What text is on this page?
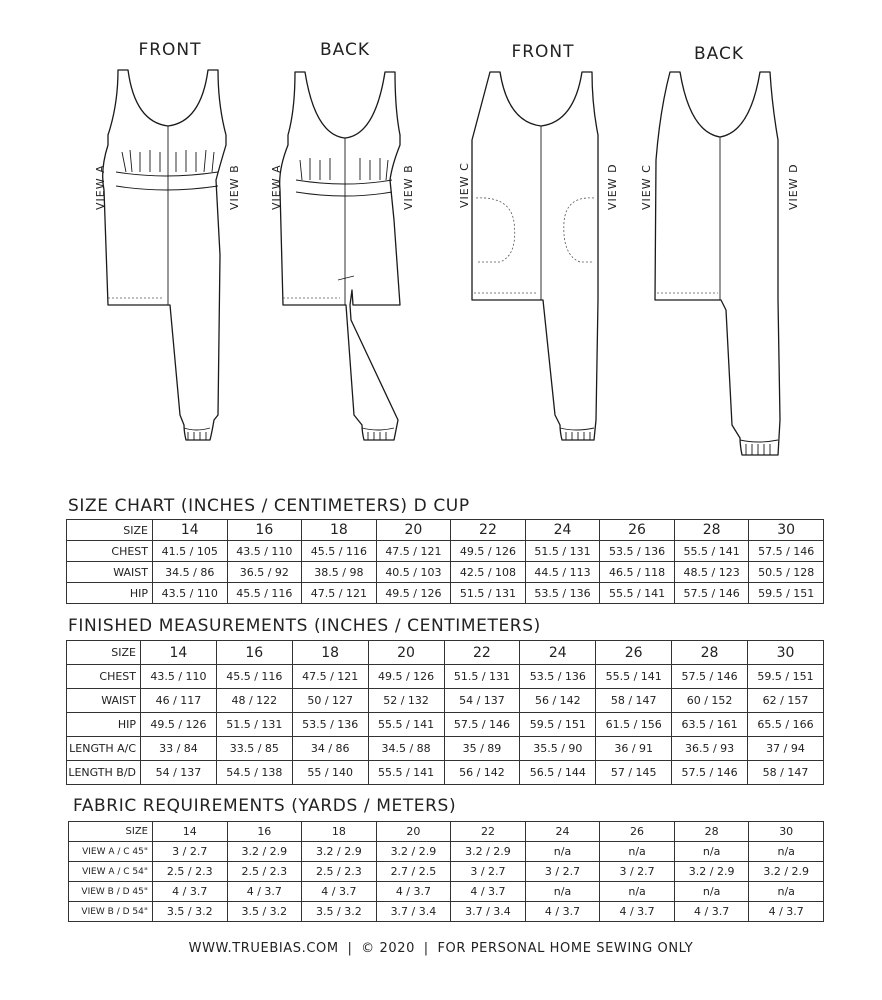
FRONT	BACK	FRONT	BACK
VIEW A	VIEW B	VIEW A	VIEW B	VIEW C	VIEW D VIEW C	VIEW D
SIZE CHART (INCHES / CENTIMETERS) D CUP
SIZE	14	16	18	20	22	24	26	28	30
CHEST	41.5 / 105	43.5 / 110	45.5 / 116	47.5 / 121	49.5 / 126	51.5 / 131	53.5 / 136	55.5 / 141	57.5 / 146
WAIST	34.5 / 86	36.5 / 92	38.5 / 98	40.5 / 103	42.5 / 108	44.5 / 113	46.5 / 118	48.5 / 123	50.5 / 128
HIP	43.5 / 110	45.5 / 116	47.5 / 121	49.5 / 126	51.5 / 131	53.5 / 136	55.5 / 141	57.5 / 146	59.5 / 151
FINISHED MEASUREMENTS (INCHES / CENTIMETERS)
SIZE	14	16	18	20	22	24	26	28	30
CHEST	43.5 / 110	45.5 / 116	47.5 / 121	49.5 / 126	51.5 / 131	53.5 / 136	55.5 / 141	57.5 / 146	59.5 / 151
WAIST	46 / 117	48 / 122	50 / 127	52 / 132	54 / 137	56 / 142	58 / 147	60 / 152	62 / 157
HIP	49.5 / 126	51.5 / 131	53.5 / 136	55.5 / 141	57.5 / 146	59.5 / 151	61.5 / 156	63.5 / 161	65.5 / 166
LENGTH A/C	33 / 84	33.5 / 85	34 / 86	34.5 / 88	35 / 89	35.5 / 90	36 / 91	36.5 / 93	37 / 94
LENGTH B/D	54 / 137	54.5 / 138	55 / 140	55.5 / 141	56 / 142	56.5 / 144	57 / 145	57.5 / 146	58 / 147
FABRIC REQUIREMENTS (YARDS / METERS)
SIZE	14	16	18	20	22	24	26	28	30
VIEW A / C 45"	3 / 2.7	3.2 / 2.9	3.2 / 2.9	3.2 / 2.9	3.2 / 2.9	n/a	n/a	n/a	n/a
VIEW A / C 54"	2.5 / 2.3	2.5 / 2.3	2.5 / 2.3	2.7 / 2.5	3 / 2.7	3 / 2.7	3 / 2.7	3.2 / 2.9	3.2 / 2.9
VIEW B / D 45"	4 / 3.7	4 / 3.7	4 / 3.7	4 / 3.7	4 / 3.7	n/a	n/a	n/a	n/a
VIEW B / D 54"	3.5 / 3.2	3.5 / 3.2	3.5 / 3.2	3.7 / 3.4	3.7 / 3.4	4 / 3.7	4 / 3.7	4 / 3.7	4 / 3.7
WWW.TRUEBIAS.COM | © 2020 | FOR PERSONAL HOME SEWING ONLY
